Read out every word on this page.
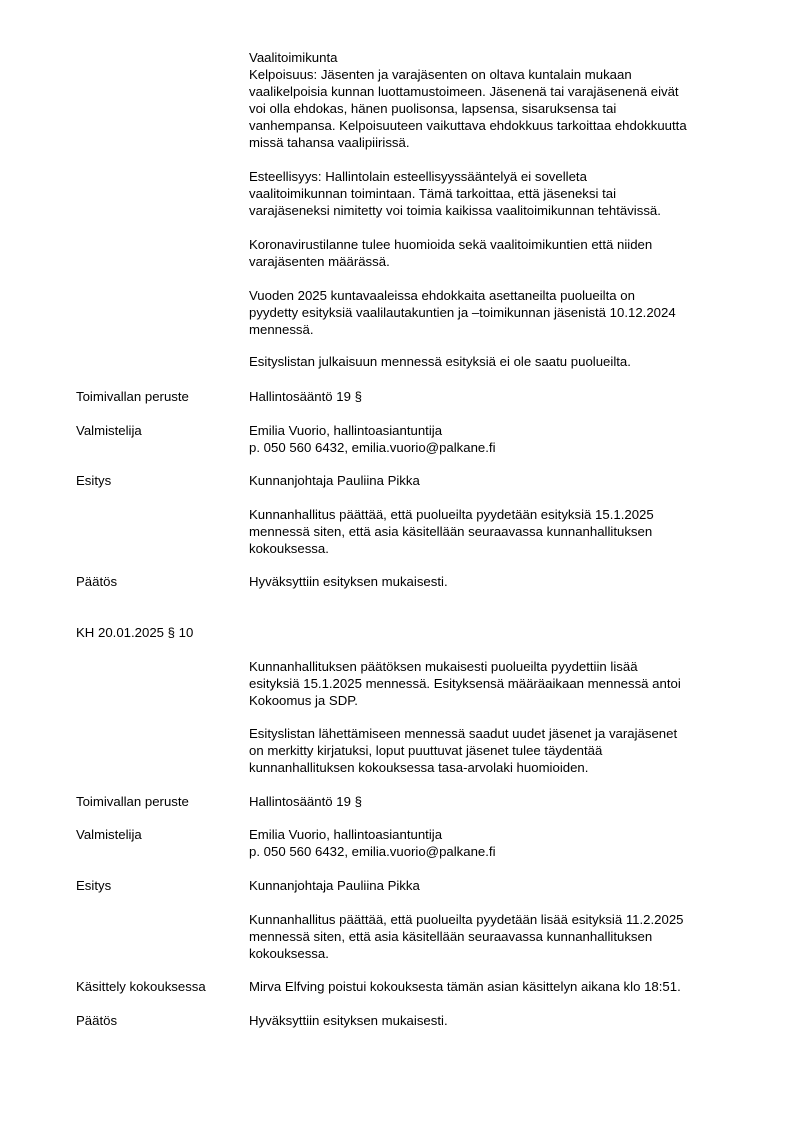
Vaalitoimikunta
Kelpoisuus: Jäsenten ja varajäsenten on oltava kuntalain mukaan
vaalikelpoisia kunnan luottamustoimeen. Jäsenenä tai varajäsenenä eivät
voi olla ehdokas, hänen puolisonsa, lapsensa, sisaruksensa tai
vanhempansa. Kelpoisuuteen vaikuttava ehdokkuus tarkoittaa ehdokkuutta
missä tahansa vaalipiirissä.
Esteellisyys: Hallintolain esteellisyyssääntelyä ei sovelleta
vaalitoimikunnan toimintaan. Tämä tarkoittaa, että jäseneksi tai
varajäseneksi nimitetty voi toimia kaikissa vaalitoimikunnan tehtävissä.
Koronavirustilanne tulee huomioida sekä vaalitoimikuntien että niiden
varajäsenten määrässä.
Vuoden 2025 kuntavaaleissa ehdokkaita asettaneilta puolueilta on
pyydetty esityksiä vaalilautakuntien ja –toimikunnan jäsenistä 10.12.2024
mennessä.
Esityslistan julkaisuun mennessä esityksiä ei ole saatu puolueilta.
Toimivallan peruste	Hallintosääntö 19 §
Valmistelija	Emilia Vuorio, hallintoasiantuntija
p. 050 560 6432, emilia.vuorio@palkane.fi
Esitys	Kunnanjohtaja Pauliina Pikka
Kunnanhallitus päättää, että puolueilta pyydetään esityksiä 15.1.2025
mennessä siten, että asia käsitellään seuraavassa kunnanhallituksen
kokouksessa.
Päätös	Hyväksyttiin esityksen mukaisesti.
KH 20.01.2025 § 10
Kunnanhallituksen päätöksen mukaisesti puolueilta pyydettiin lisää
esityksiä 15.1.2025 mennessä. Esityksensä määräaikaan mennessä antoi
Kokoomus ja SDP.
Esityslistan lähettämiseen mennessä saadut uudet jäsenet ja varajäsenet
on merkitty kirjatuksi, loput puuttuvat jäsenet tulee täydentää
kunnanhallituksen kokouksessa tasa-arvolaki huomioiden.
Toimivallan peruste	Hallintosääntö 19 §
Valmistelija	Emilia Vuorio, hallintoasiantuntija
p. 050 560 6432, emilia.vuorio@palkane.fi
Esitys	Kunnanjohtaja Pauliina Pikka
Kunnanhallitus päättää, että puolueilta pyydetään lisää esityksiä 11.2.2025
mennessä siten, että asia käsitellään seuraavassa kunnanhallituksen
kokouksessa.
Käsittely kokouksessa	Mirva Elfving poistui kokouksesta tämän asian käsittelyn aikana klo 18:51.
Päätös	Hyväksyttiin esityksen mukaisesti.
